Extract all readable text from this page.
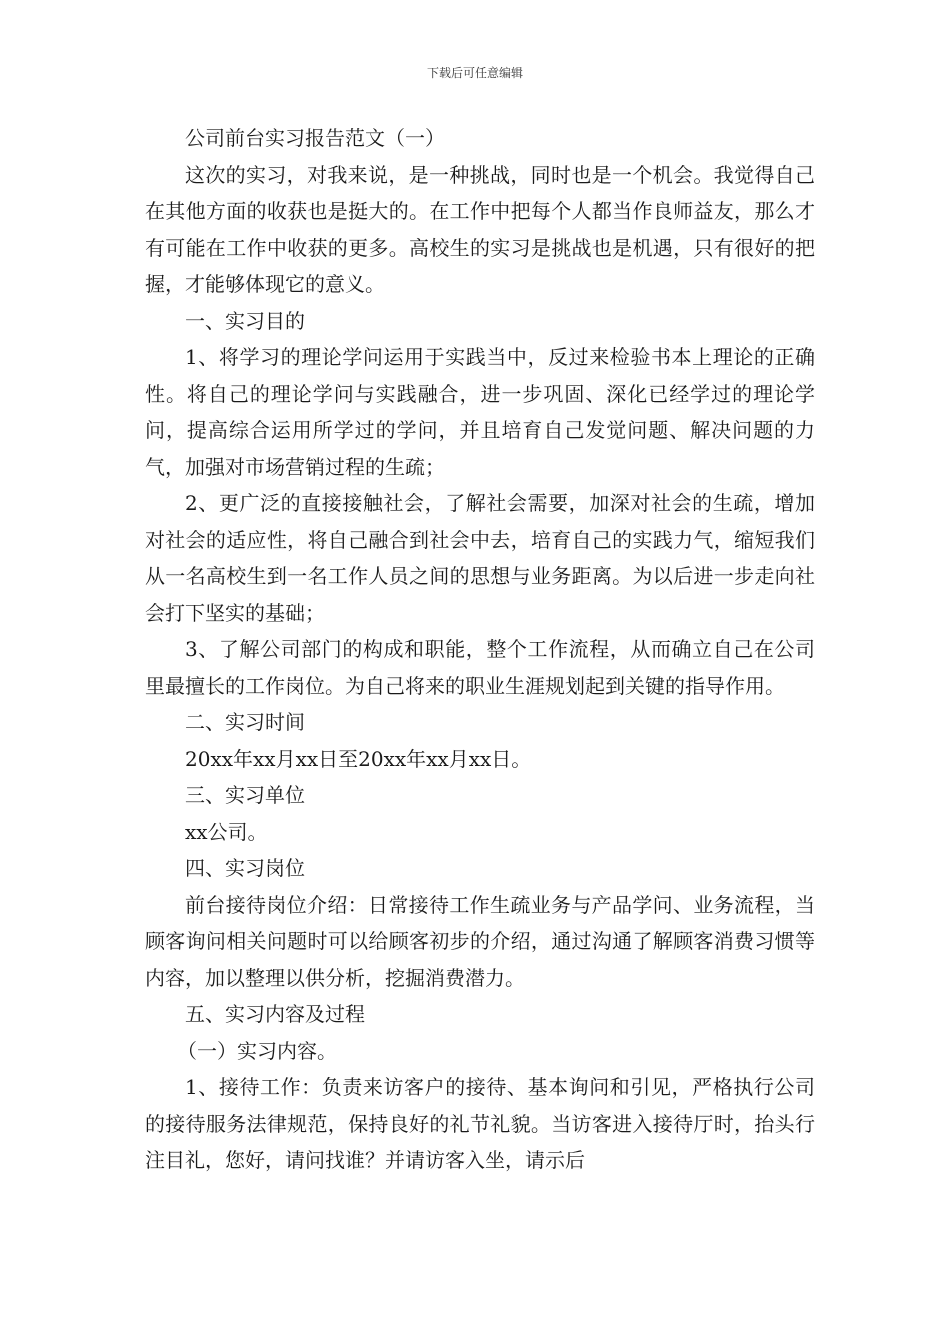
下载后可任意编辑

公司前台实习报告范文（一）

这次的实习，对我来说，是一种挑战，同时也是一个机会。我觉得自己在其他方面的收获也是挺大的。在工作中把每个人都当作良师益友，那么才有可能在工作中收获的更多。高校生的实习是挑战也是机遇，只有很好的把握，才能够体现它的意义。

一、实习目的

1、将学习的理论学问运用于实践当中，反过来检验书本上理论的正确性。将自己的理论学问与实践融合，进一步巩固、深化已经学过的理论学问，提高综合运用所学过的学问，并且培育自己发觉问题、解决问题的力气，加强对市场营销过程的生疏；

2、更广泛的直接接触社会，了解社会需要，加深对社会的生疏，增加对社会的适应性，将自己融合到社会中去，培育自己的实践力气，缩短我们从一名高校生到一名工作人员之间的思想与业务距离。为以后进一步走向社会打下坚实的基础；

3、了解公司部门的构成和职能，整个工作流程，从而确立自己在公司里最擅长的工作岗位。为自己将来的职业生涯规划起到关键的指导作用。

二、实习时间

20xx年xx月xx日至20xx年xx月xx日。

三、实习单位

xx公司。

四、实习岗位

前台接待岗位介绍：日常接待工作生疏业务与产品学问、业务流程，当顾客询问相关问题时可以给顾客初步的介绍，通过沟通了解顾客消费习惯等内容，加以整理以供分析，挖掘消费潜力。

五、实习内容及过程

（一）实习内容。

1、接待工作：负责来访客户的接待、基本询问和引见，严格执行公司的接待服务法律规范，保持良好的礼节礼貌。当访客进入接待厅时，抬头行注目礼，您好，请问找谁？并请访客入坐，请示后
